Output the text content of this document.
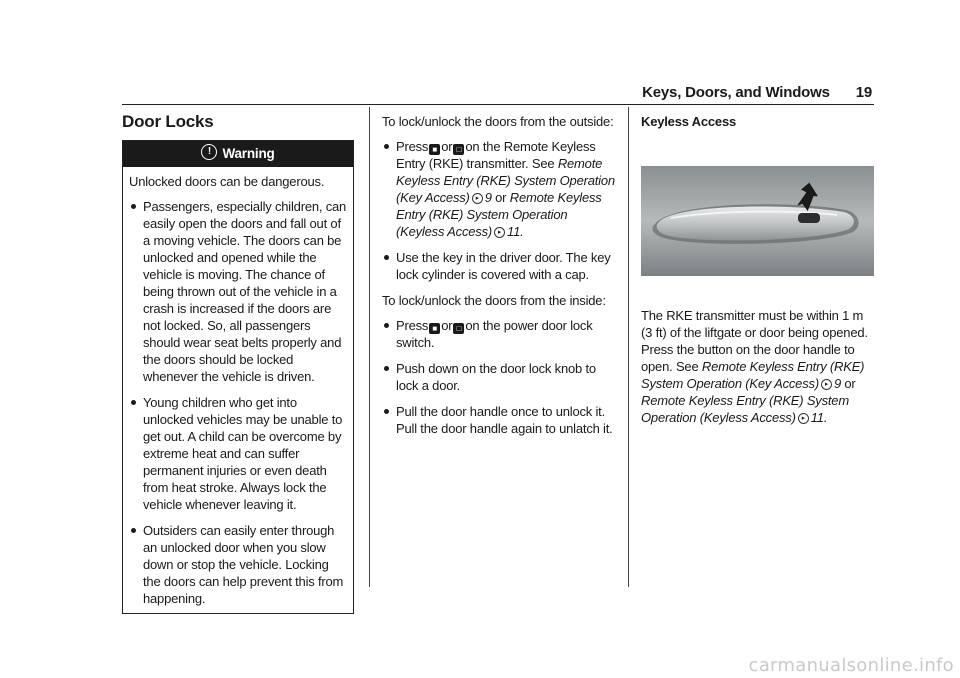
Keys, Doors, and Windows 19
Door Locks
! Warning

Unlocked doors can be dangerous.

Passengers, especially children, can easily open the doors and fall out of a moving vehicle. The doors can be unlocked and opened while the vehicle is moving. The chance of being thrown out of the vehicle in a crash is increased if the doors are not locked. So, all passengers should wear seat belts properly and the doors should be locked whenever the vehicle is driven.
Young children who get into unlocked vehicles may be unable to get out. A child can be overcome by extreme heat and can suffer permanent injuries or even death from heat stroke. Always lock the vehicle whenever leaving it.
Outsiders can easily enter through an unlocked door when you slow down or stop the vehicle. Locking the doors can help prevent this from happening.

To lock/unlock the doors from the outside:

Press ■ or □ on the Remote Keyless Entry (RKE) transmitter. See Remote Keyless Entry (RKE) System Operation (Key Access) ▸ 9 or Remote Keyless Entry (RKE) System Operation (Keyless Access) ▸ 11.
Use the key in the driver door. The key lock cylinder is covered with a cap.

To lock/unlock the doors from the inside:

Press ■ or □ on the power door lock switch.
Push down on the door lock knob to lock a door.
Pull the door handle once to unlock it. Pull the door handle again to unlatch it.

Keyless Access

The RKE transmitter must be within 1 m (3 ft) of the liftgate or door being opened. Press the button on the door handle to open. See Remote Keyless Entry (RKE) System Operation (Key Access) ▸ 9 or Remote Keyless Entry (RKE) System Operation (Keyless Access) ▸ 11.

carmanualsonline.info
